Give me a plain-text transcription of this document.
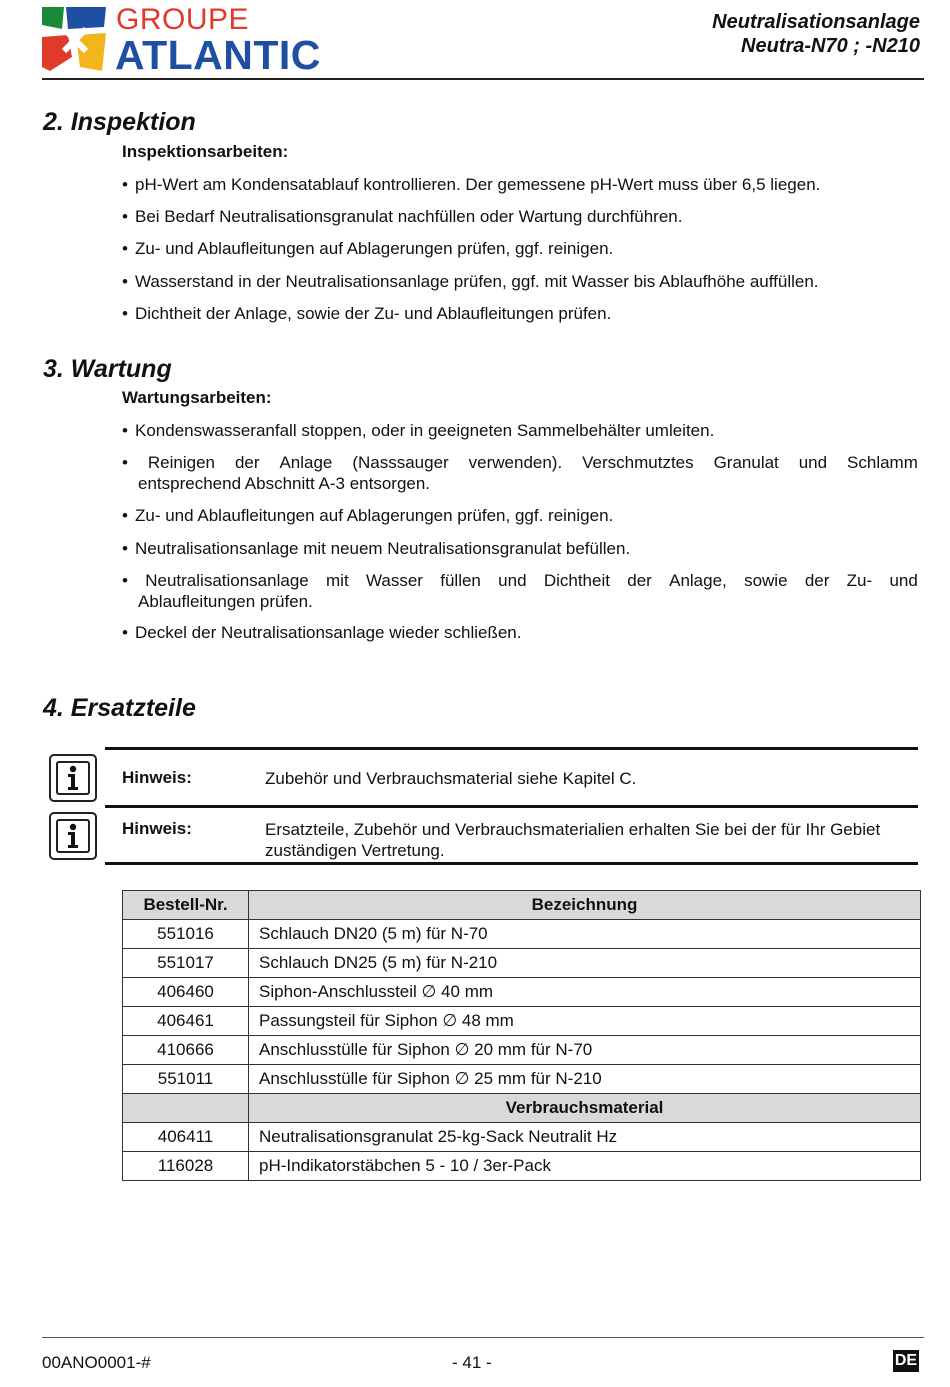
GROUPE
ATLANTIC
Neutralisationsanlage
Neutra-N70 ; -N210
2. Inspektion
Inspektionsarbeiten:
• pH-Wert am Kondensatablauf kontrollieren. Der gemessene pH-Wert muss über 6,5 liegen.
• Bei Bedarf Neutralisationsgranulat nachfüllen oder Wartung durchführen.
• Zu- und Ablaufleitungen auf Ablagerungen prüfen, ggf. reinigen.
• Wasserstand in der Neutralisationsanlage prüfen, ggf. mit Wasser bis Ablaufhöhe auffüllen.
• Dichtheit der Anlage, sowie der Zu- und Ablaufleitungen prüfen.
3. Wartung
Wartungsarbeiten:
• Kondenswasseranfall stoppen, oder in geeigneten Sammelbehälter umleiten.
• Reinigen der Anlage (Nasssauger verwenden). Verschmutztes Granulat und Schlamm
entsprechend Abschnitt A-3 entsorgen.
• Zu- und Ablaufleitungen auf Ablagerungen prüfen, ggf. reinigen.
• Neutralisationsanlage mit neuem Neutralisationsgranulat befüllen.
• Neutralisationsanlage mit Wasser füllen und Dichtheit der Anlage, sowie der Zu- und
Ablaufleitungen prüfen.
• Deckel der Neutralisationsanlage wieder schließen.
4. Ersatzteile
Hinweis:	Zubehör und Verbrauchsmaterial siehe Kapitel C.
Hinweis:	Ersatzteile, Zubehör und Verbrauchsmaterialien erhalten Sie bei der für Ihr Gebiet zuständigen Vertretung.
Bestell-Nr.	Bezeichnung
551016	Schlauch DN20 (5 m) für N-70
551017	Schlauch DN25 (5 m) für N-210
406460	Siphon-Anschlussteil ∅ 40 mm
406461	Passungsteil für Siphon ∅ 48 mm
410666	Anschlusstülle für Siphon ∅ 20 mm für N-70
551011	Anschlusstülle für Siphon ∅ 25 mm für N-210
	Verbrauchsmaterial
406411	Neutralisationsgranulat 25-kg-Sack Neutralit Hz
116028	pH-Indikatorstäbchen 5 - 10 / 3er-Pack
00ANO0001-#	- 41 -	DE
